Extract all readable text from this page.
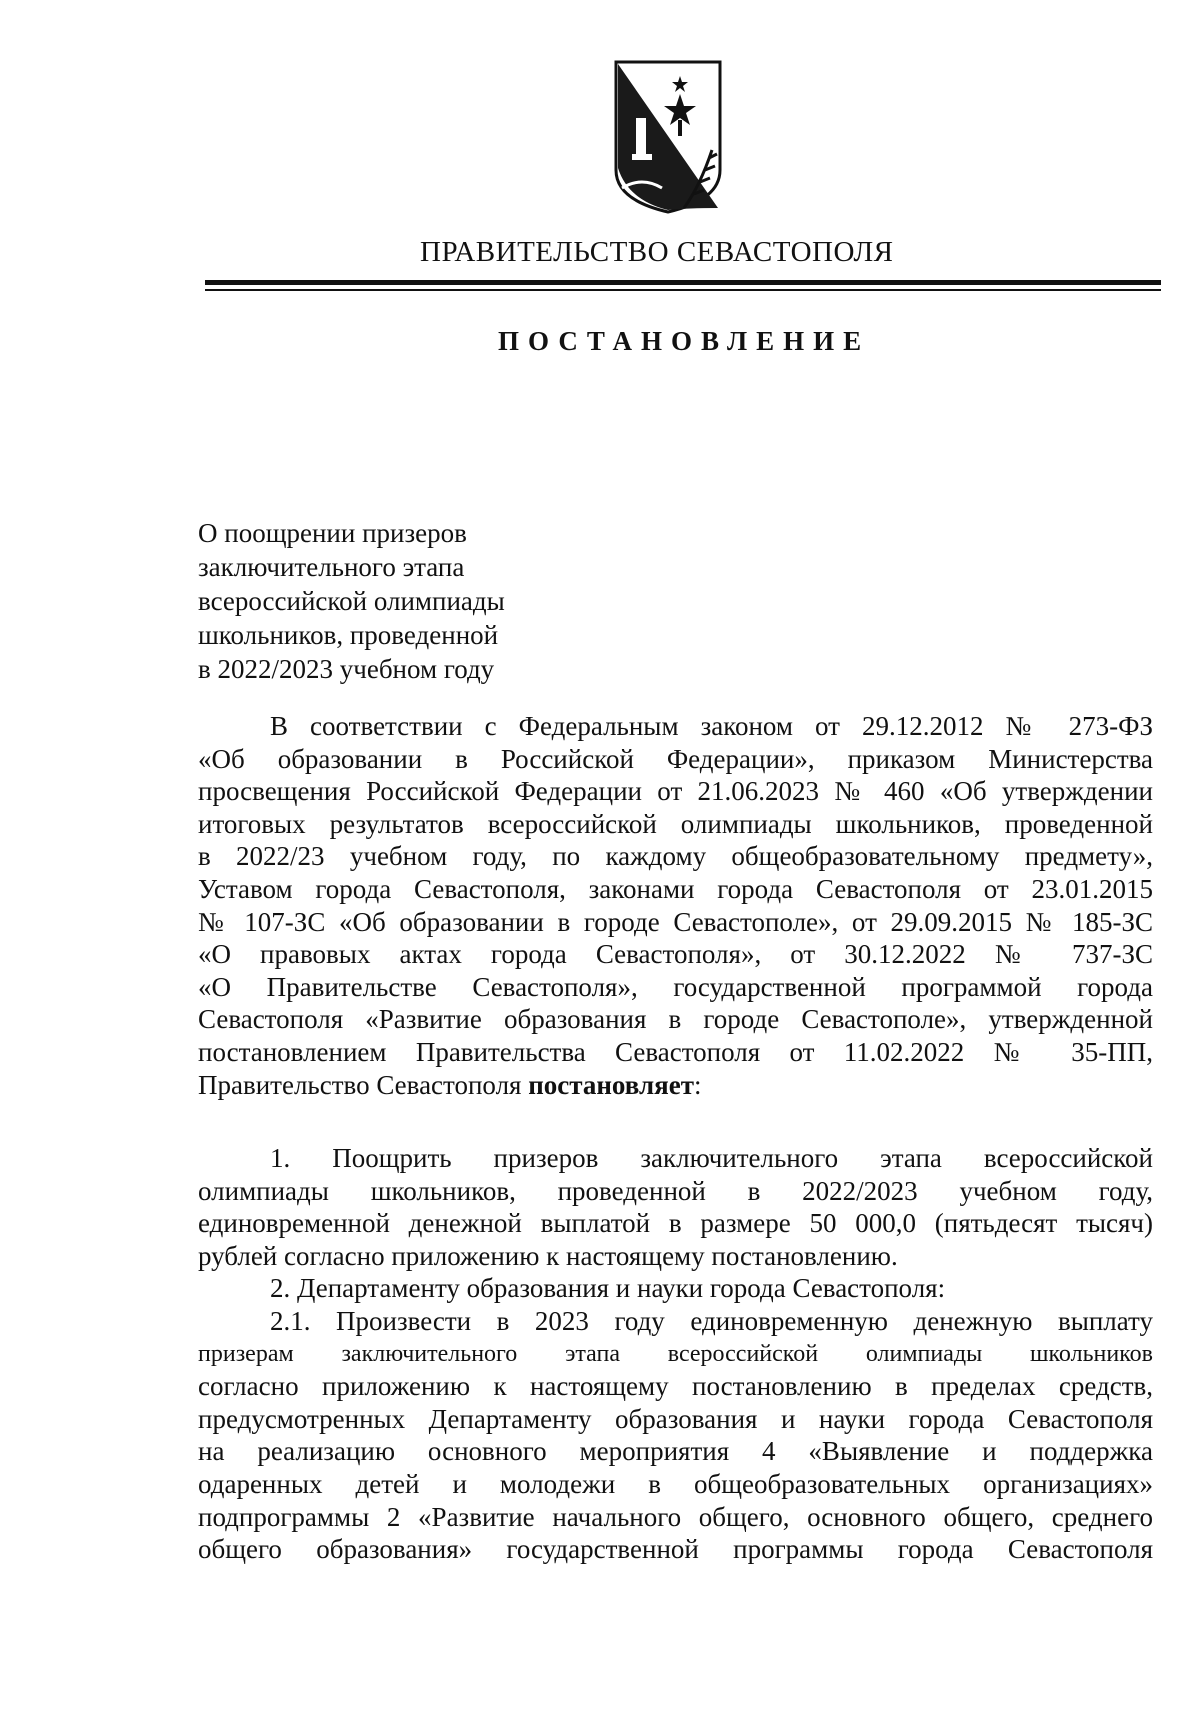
ПРАВИТЕЛЬСТВО СЕВАСТОПОЛЯ
ПОСТАНОВЛЕНИЕ
О поощрении призеров
заключительного этапа
всероссийской олимпиады
школьников, проведенной
в 2022/2023 учебном году
В соответствии с Федеральным законом от 29.12.2012 № 273-ФЗ
«Об образовании в Российской Федерации», приказом Министерства
просвещения Российской Федерации от 21.06.2023 № 460 «Об утверждении
итоговых результатов всероссийской олимпиады школьников, проведенной
в 2022/23 учебном году, по каждому общеобразовательному предмету»,
Уставом города Севастополя, законами города Севастополя от 23.01.2015
№ 107-ЗС «Об образовании в городе Севастополе», от 29.09.2015 № 185-ЗС
«О правовых актах города Севастополя», от 30.12.2022 № 737-ЗС
«О Правительстве Севастополя», государственной программой города
Севастополя «Развитие образования в городе Севастополе», утвержденной
постановлением Правительства Севастополя от 11.02.2022 № 35-ПП,
Правительство Севастополя постановляет:
1. Поощрить призеров заключительного этапа всероссийской
олимпиады школьников, проведенной в 2022/2023 учебном году,
единовременной денежной выплатой в размере 50 000,0 (пятьдесят тысяч)
рублей согласно приложению к настоящему постановлению.
2. Департаменту образования и науки города Севастополя:
2.1. Произвести в 2023 году единовременную денежную выплату
призерам заключительного этапа всероссийской олимпиады школьников
согласно приложению к настоящему постановлению в пределах средств,
предусмотренных Департаменту образования и науки города Севастополя
на реализацию основного мероприятия 4 «Выявление и поддержка
одаренных детей и молодежи в общеобразовательных организациях»
подпрограммы 2 «Развитие начального общего, основного общего, среднего
общего образования» государственной программы города Севастополя
